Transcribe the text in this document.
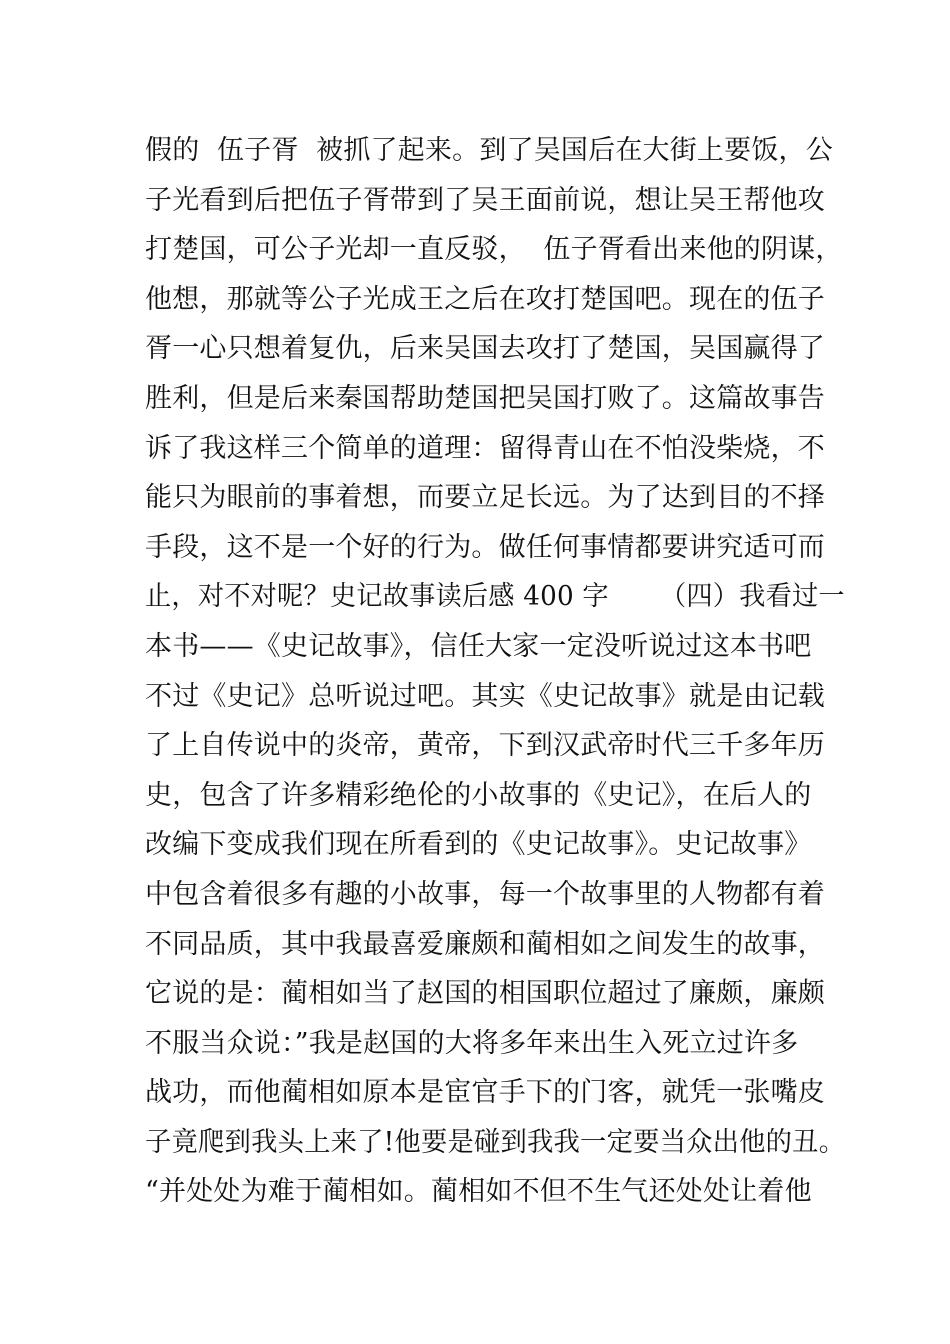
假的  伍子胥  被抓了起来。到了吴国后在大街上要饭，公
子光看到后把伍子胥带到了吴王面前说，想让吴王帮他攻
打楚国，可公子光却一直反驳，  伍子胥看出来他的阴谋，
他想，那就等公子光成王之后在攻打楚国吧。现在的伍子
胥一心只想着复仇，后来吴国去攻打了楚国，吴国赢得了
胜利，但是后来秦国帮助楚国把吴国打败了。这篇故事告
诉了我这样三个简单的道理：留得青山在不怕没柴烧，不
能只为眼前的事着想，而要立足长远。为了达到目的不择
手段，这不是一个好的行为。做任何事情都要讲究适可而
止，对不对呢？史记故事读后感 400 字      （四）我看过一
本书——《史记故事》，信任大家一定没听说过这本书吧
不过《史记》总听说过吧。其实《史记故事》就是由记载
了上自传说中的炎帝，黄帝，下到汉武帝时代三千多年历
史，包含了许多精彩绝伦的小故事的《史记》，在后人的
改编下变成我们现在所看到的《史记故事》。史记故事》
中包含着很多有趣的小故事，每一个故事里的人物都有着
不同品质，其中我最喜爱廉颇和蔺相如之间发生的故事，
它说的是：蔺相如当了赵国的相国职位超过了廉颇，廉颇
不服当众说：”我是赵国的大将多年来出生入死立过许多
战功，而他蔺相如原本是宦官手下的门客，就凭一张嘴皮
子竟爬到我头上来了!他要是碰到我我一定要当众出他的丑。
“并处处为难于蔺相如。蔺相如不但不生气还处处让着他
